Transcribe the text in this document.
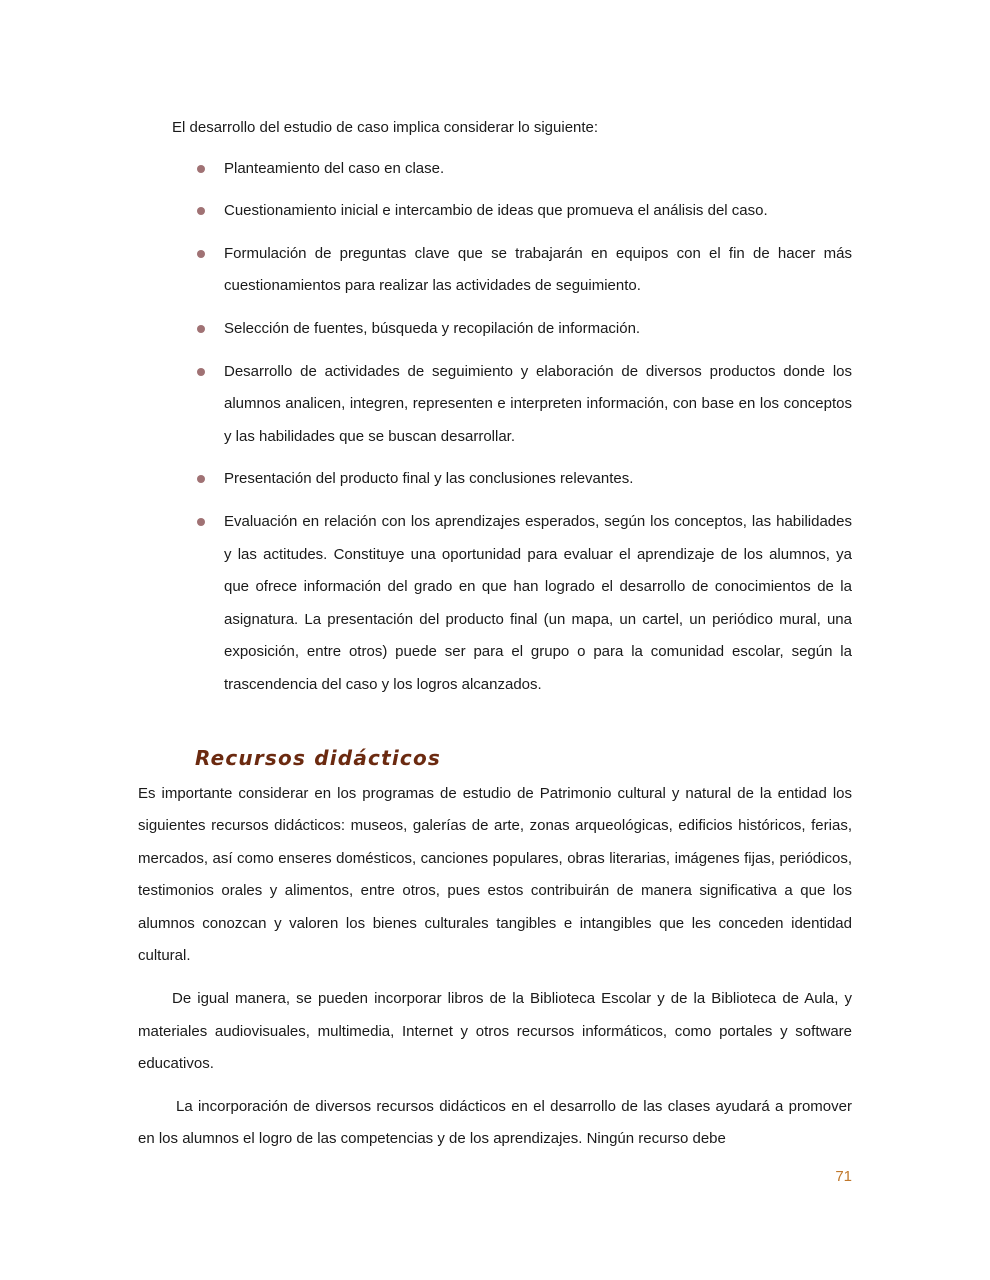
El desarrollo del estudio de caso implica considerar lo siguiente:

Planteamiento del caso en clase.
Cuestionamiento inicial e intercambio de ideas que promueva el análisis del caso.
Formulación de preguntas clave que se trabajarán en equipos con el fin de hacer más cuestionamientos para realizar las actividades de seguimiento.
Selección de fuentes, búsqueda y recopilación de información.
Desarrollo de actividades de seguimiento y elaboración de diversos productos donde los alumnos analicen, integren, representen e interpreten información, con base en los conceptos y las habilidades que se buscan desarrollar.
Presentación del producto final y las conclusiones relevantes.
Evaluación en relación con los aprendizajes esperados, según los conceptos, las habilidades y las actitudes. Constituye una oportunidad para evaluar el aprendizaje de los alumnos, ya que ofrece información del grado en que han logrado el desarrollo de conocimientos de la asignatura. La presentación del producto final (un mapa, un cartel, un periódico mural, una exposición, entre otros) puede ser para el grupo o para la comunidad escolar, según la trascendencia del caso y los logros alcanzados.
Recursos didácticos

Es importante considerar en los programas de estudio de Patrimonio cultural y natural de la entidad los siguientes recursos didácticos: museos, galerías de arte, zonas arqueológicas, edificios históricos, ferias, mercados, así como enseres domésticos, canciones populares, obras literarias, imágenes fijas, periódicos, testimonios orales y alimentos, entre otros, pues estos contribuirán de manera significativa a que los alumnos conozcan y valoren los bienes culturales tangibles e intangibles que les conceden identidad cultural.

De igual manera, se pueden incorporar libros de la Biblioteca Escolar y de la Biblioteca de Aula, y materiales audiovisuales, multimedia, Internet y otros recursos informáticos, como portales y software educativos.

La incorporación de diversos recursos didácticos en el desarrollo de las clases ayudará a promover en los alumnos el logro de las competencias y de los aprendizajes. Ningún recurso debe

71
